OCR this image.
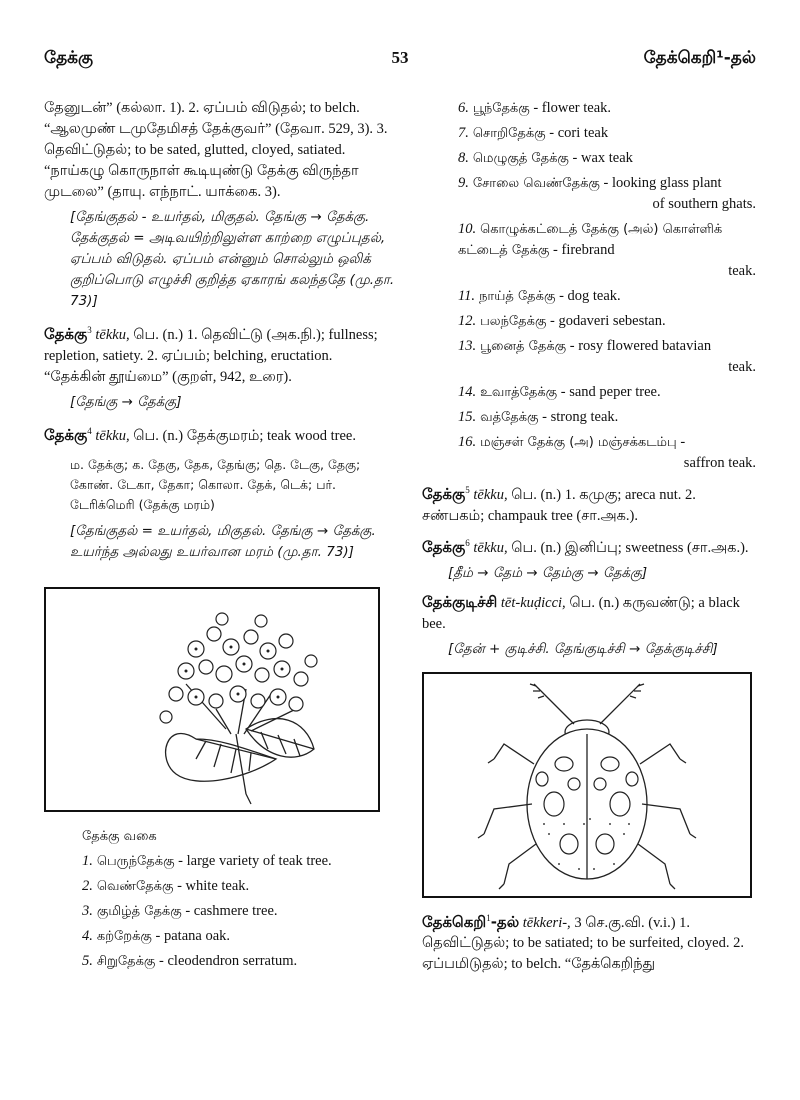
தேக்கு	53	தேக்கெறி¹-தல்

தேனுடன்” (கல்லா. 1). 2. ஏப்பம் விடுதல்; to belch. “ஆலமுண் டமுதேமிசத் தேக்குவர்” (தேவா. 529, 3). 3. தெவிட்டுதல்; to be sated, glutted, cloyed, satiated. “நாய்கழு கொருநாள் கூடியுண்டு தேக்கு விருந்தா முடலை” (தாயு. எந்நாட். யாக்கை. 3).

[தேங்குதல் - உயர்தல், மிகுதல். தேங்கு → தேக்கு. தேக்குதல் = அடிவயிற்றிலுள்ள காற்றை எழுப்புதல், ஏப்பம் விடுதல். ஏப்பம் என்னும் சொல்லும் ஒலிக் குறிப்பொடு எழுச்சி குறித்த ஏகாரங் கலந்ததே (மு.தா. 73)]

தேக்கு$^3$ tēkku, பெ. (n.) 1. தெவிட்டு (அக.நி.); fullness; repletion, satiety. 2. ஏப்பம்; belching, eructation. “தேக்கின் தூய்மை” (குறள், 942, உரை).

[தேங்கு → தேக்கு]

தேக்கு$^4$ tēkku, பெ. (n.) தேக்குமரம்; teak wood tree.

ம. தேக்கு; க. தேகு, தேக, தேங்கு; தெ. டேகு, தேகு; கோண். டேகா, தேகா; கொலா. தேக், டெக்; பர். டேரிக்மெரி (தேக்கு மரம்)

[தேங்குதல் = உயர்தல், மிகுதல். தேங்கு → தேக்கு. உயர்ந்த அல்லது உயர்வான மரம் (மு.தா. 73)]

தேக்கு வகை
1. பெருந்தேக்கு - large variety of teak tree.
2. வெண்தேக்கு - white teak.
3. குமிழ்த் தேக்கு - cashmere tree.
4. கற்றேக்கு - patana oak.
5. சிறுதேக்கு - cleodendron serratum.
6. பூந்தேக்கு - flower teak.
7. சொறிதேக்கு - cori teak
8. மெழுகுத் தேக்கு - wax teak
9. சோலை வெண்தேக்கு - looking glass plant
of southern ghats.
10. கொழுக்கட்டைத் தேக்கு (அல்) கொள்ளிக் கட்டைத் தேக்கு - firebrand
teak.
11. நாய்த் தேக்கு - dog teak.
12. பலந்தேக்கு - godaveri sebestan.
13. பூனைத் தேக்கு - rosy flowered batavian
teak.
14. உவாத்தேக்கு - sand peper tree.
15. வத்தேக்கு - strong teak.
16. மஞ்சள் தேக்கு (அ) மஞ்சக்கடம்பு -
saffron teak.

தேக்கு$^5$ tēkku, பெ. (n.) 1. கமுகு; areca nut. 2. சண்பகம்; champauk tree (சா.அக.).

தேக்கு$^6$ tēkku, பெ. (n.) இனிப்பு; sweetness (சா.அக.).

[தீம் → தேம் → தேம்கு → தேக்கு]

தேக்குடிச்சி tēt-kuḍicci, பெ. (n.) கருவண்டு; a black bee.

[தேன் + குடிச்சி. தேங்குடிச்சி → தேக்குடிச்சி]

தேக்கெறி$^1$-தல் tēkkeri-, 3 செ.கு.வி. (v.i.) 1. தெவிட்டுதல்; to be satiated; to be surfeited, cloyed. 2. ஏப்பமிடுதல்; to belch. “தேக்கெறிந்து
